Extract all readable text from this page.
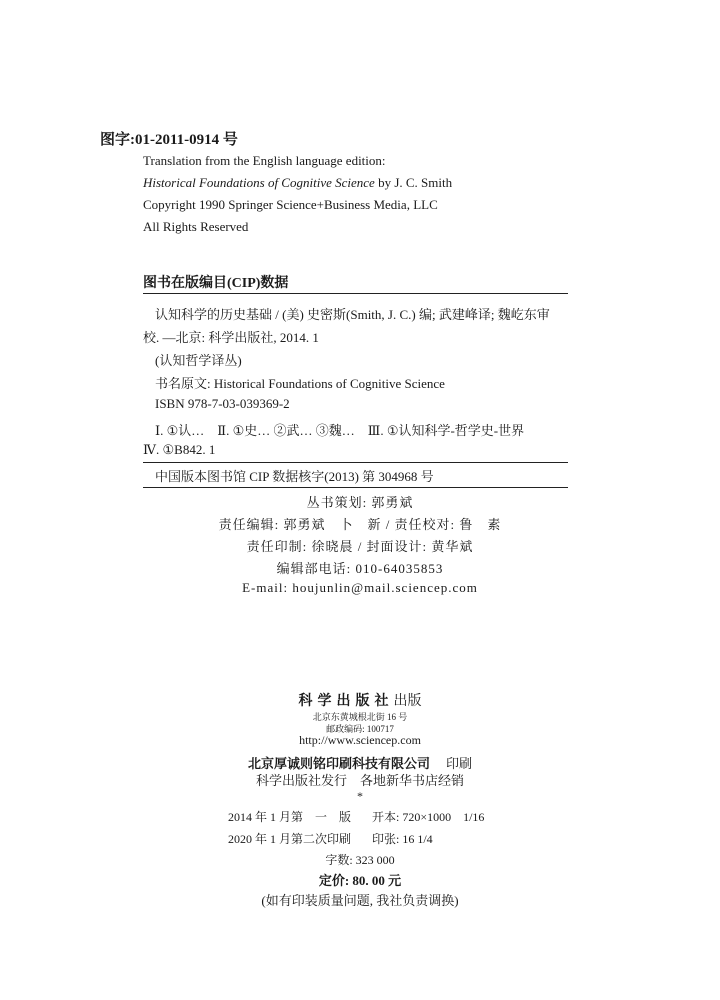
图字:01-2011-0914 号
Translation from the English language edition:
Historical Foundations of Cognitive Science by J. C. Smith
Copyright 1990 Springer Science+Business Media, LLC
All Rights Reserved
图书在版编目(CIP)数据
认知科学的历史基础 / (美) 史密斯(Smith, J. C.) 编; 武建峰译; 魏屹东审
校. —北京: 科学出版社, 2014. 1
(认知哲学译丛)
书名原文: Historical Foundations of Cognitive Science
ISBN 978-7-03-039369-2
Ⅰ. ①认…　Ⅱ. ①史… ②武… ③魏…　Ⅲ. ①认知科学-哲学史-世界
Ⅳ. ①B842. 1
中国版本图书馆 CIP 数据核字(2013) 第 304968 号
丛书策划: 郭勇斌
责任编辑: 郭勇斌　卜　新 / 责任校对: 鲁　素
责任印制: 徐晓晨 / 封面设计: 黄华斌
编辑部电话: 010-64035853
E-mail: houjunlin@mail.sciencep.com
科学出版社出版
北京东黄城根北街 16 号
邮政编码: 100717
http://www.sciencep.com
北京厚诚则铭印刷科技有限公司　 印刷
科学出版社发行　各地新华书店经销
*
2014 年 1 月第　一　版 开本: 720×1000　1/16
2020 年 1 月第二次印刷 印张: 16 1/4
字数: 323 000
定价: 80. 00 元
(如有印装质量问题, 我社负责调换)
